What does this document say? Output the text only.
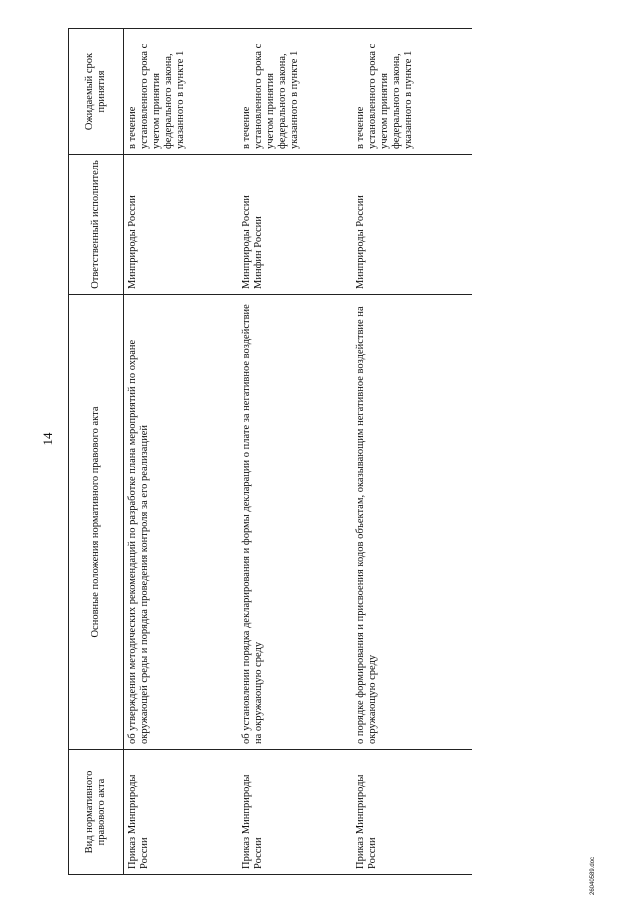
14
Вид нормативного правового акта	Основные положения нормативного правового акта	Ответственный исполнитель	Ожидаемый срок принятия
Приказ Минприроды России	об утверждении методических рекомендаций по разработке плана мероприятий по охране окружающей среды и порядка проведения контроля за его реализацией	Минприроды России	в течение установленного срока с учетом принятия федерального закона, указанного в пункте 1
Приказ Минприроды России	об установлении порядка декларирования и формы декларации о плате за негативное воздействие на окружающую среду	Минприроды России Минфин России	в течение установленного срока с учетом принятия федерального закона, указанного в пункте 1
Приказ Минприроды России	о порядке формирования и присвоения кодов объектам, оказывающим негативное воздействие на окружающую среду	Минприроды России	в течение установленного срока с учетом принятия федерального закона, указанного в пункте 1
26040589.doc
